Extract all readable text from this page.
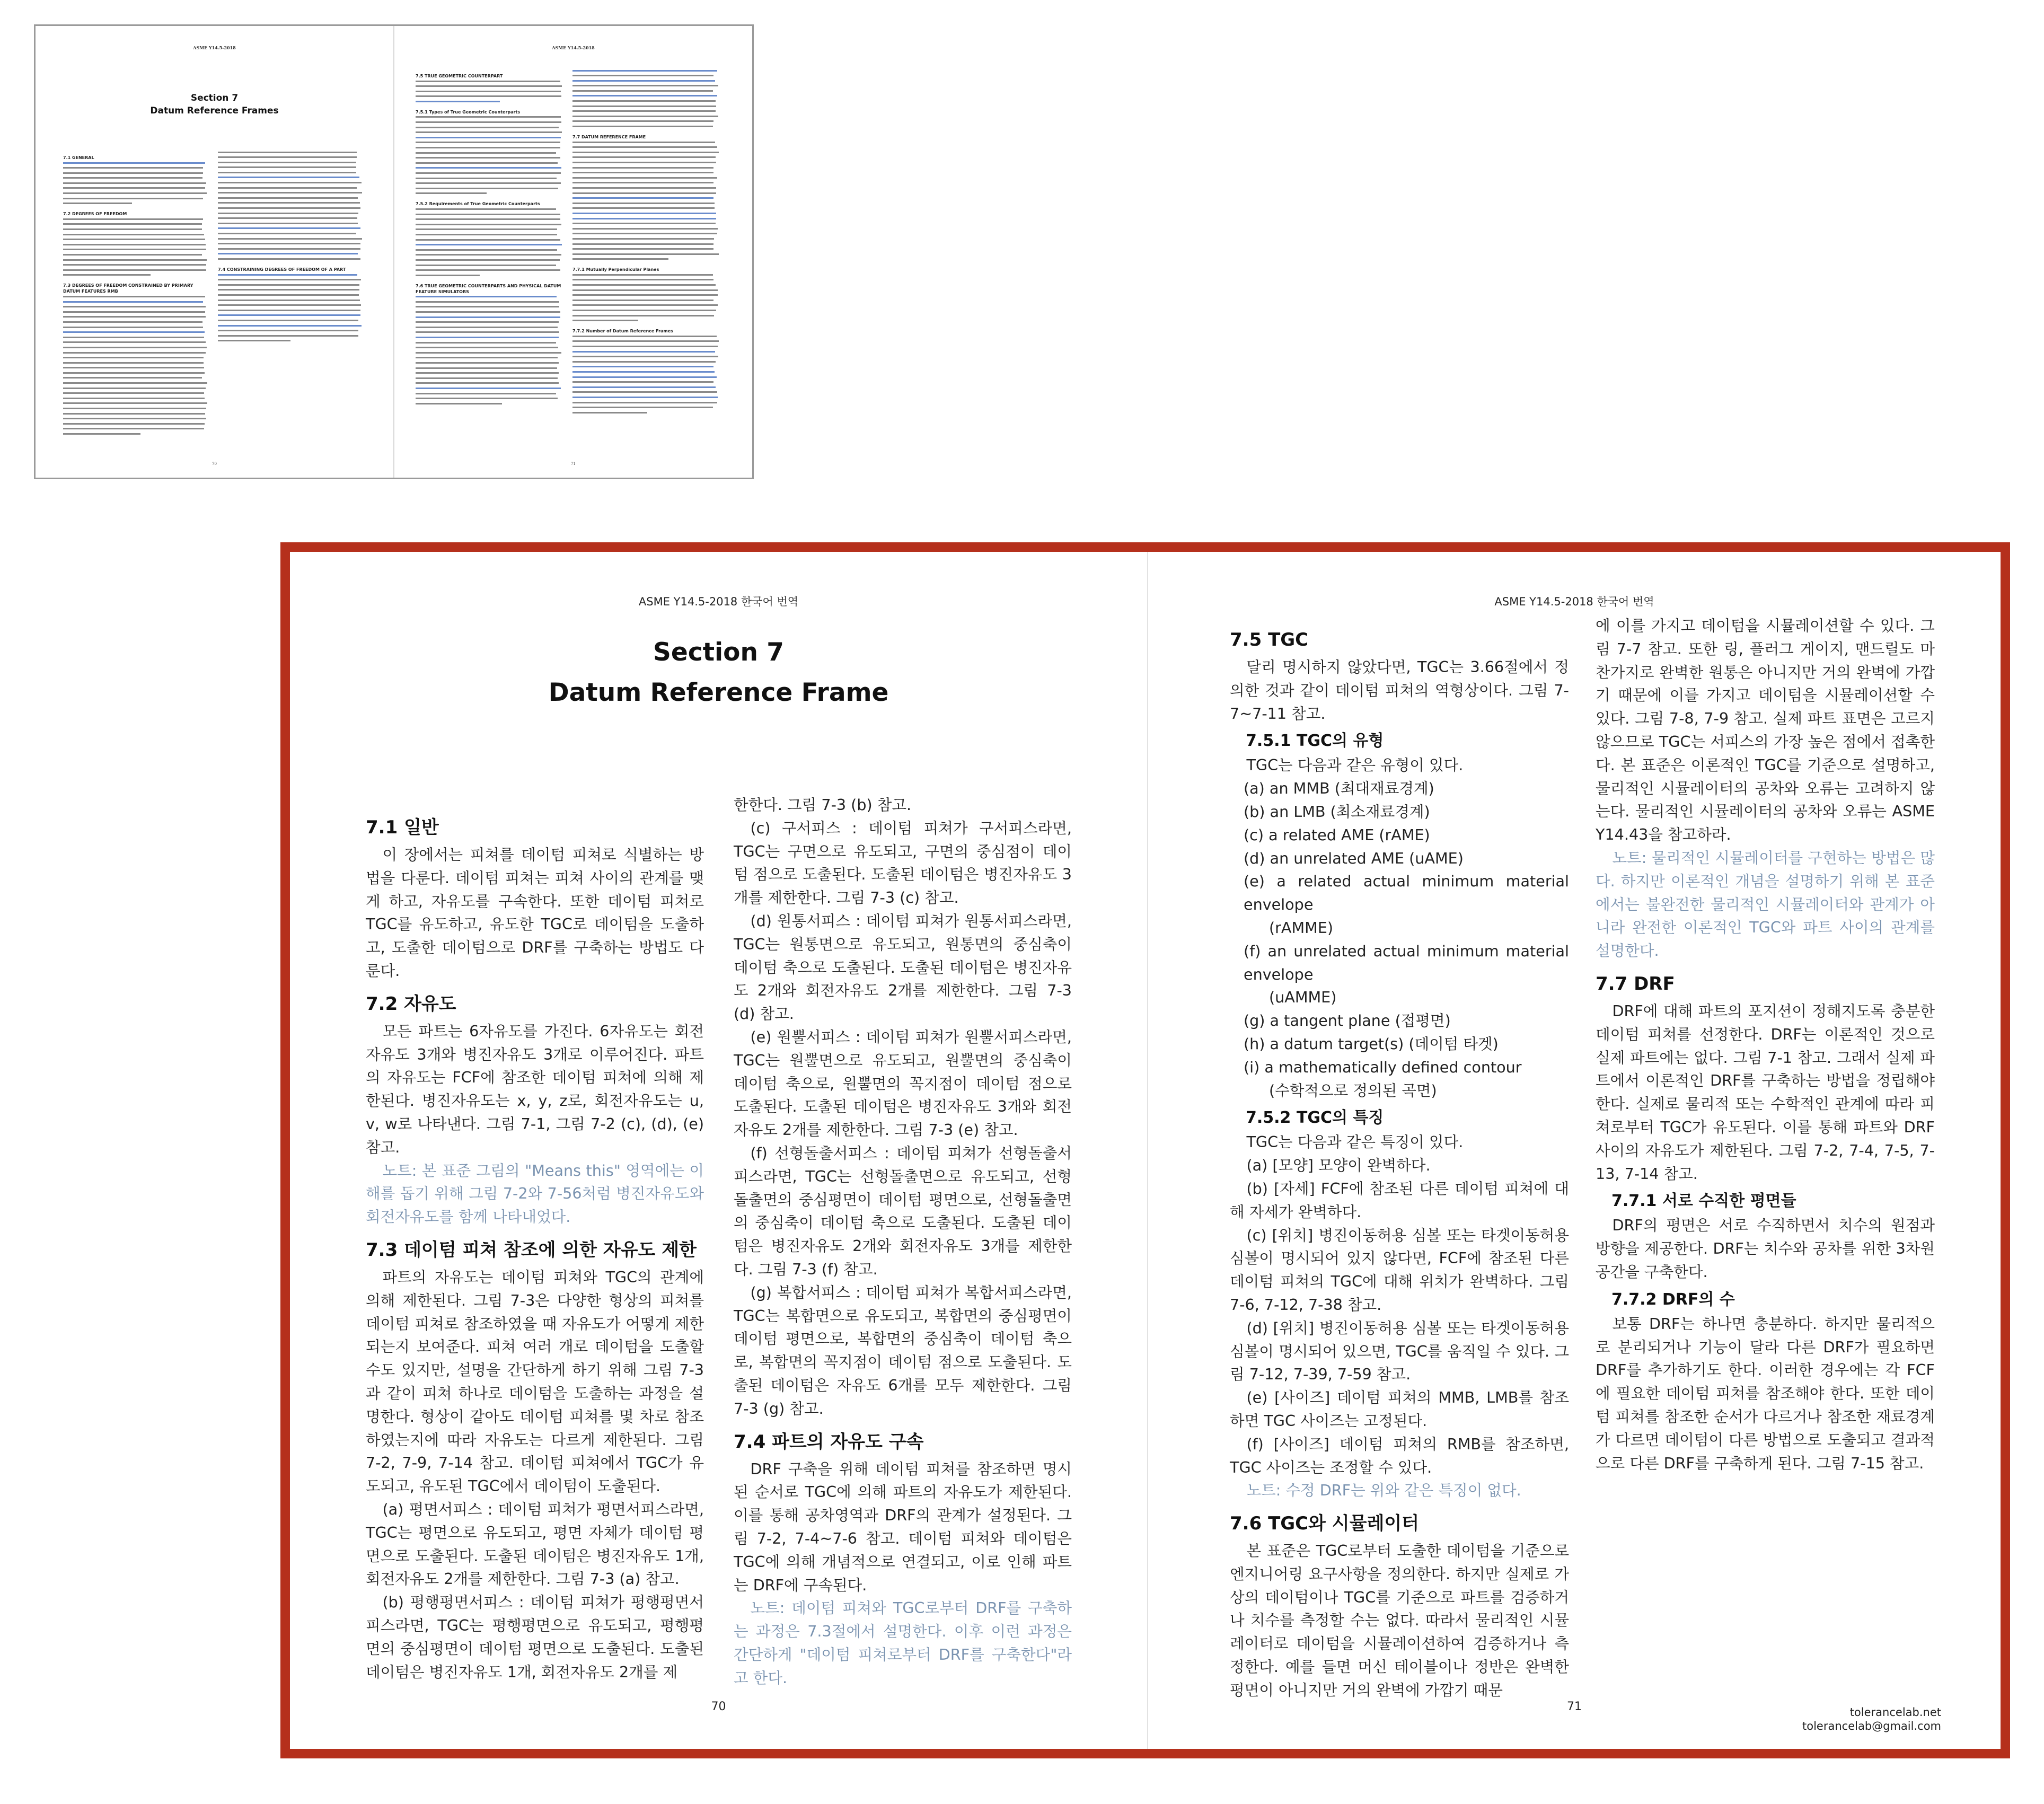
ASME Y14.5-2018
Section 7
Datum Reference Frames
7.1 GENERAL
7.2 DEGREES OF FREEDOM
7.3 DEGREES OF FREEDOM CONSTRAINED BY PRIMARY DATUM FEATURES RMB
7.4 CONSTRAINING DEGREES OF FREEDOM OF A PART
70
ASME Y14.5-2018
7.5 TRUE GEOMETRIC COUNTERPART
7.5.1 Types of True Geometric Counterparts
7.5.2 Requirements of True Geometric Counterparts
7.6 TRUE GEOMETRIC COUNTERPARTS AND PHYSICAL DATUM FEATURE SIMULATORS
7.7 DATUM REFERENCE FRAME
7.7.1 Mutually Perpendicular Planes
7.7.2 Number of Datum Reference Frames
71
ASME Y14.5-2018 한국어 번역
Section 7
Datum Reference Frame
7.1 일반

이 장에서는 피쳐를 데이텀 피쳐로 식별하는 방법을 다룬다. 데이텀 피쳐는 피쳐 사이의 관계를 맺게 하고, 자유도를 구속한다. 또한 데이텀 피쳐로 TGC를 유도하고, 유도한 TGC로 데이텀을 도출하고, 도출한 데이텀으로 DRF를 구축하는 방법도 다룬다.

7.2 자유도

모든 파트는 6자유도를 가진다. 6자유도는 회전자유도 3개와 병진자유도 3개로 이루어진다. 파트의 자유도는 FCF에 참조한 데이텀 피쳐에 의해 제한된다. 병진자유도는 x, y, z로, 회전자유도는 u, v, w로 나타낸다. 그림 7-1, 그림 7-2 (c), (d), (e) 참고.

노트: 본 표준 그림의 "Means this" 영역에는 이해를 돕기 위해 그림 7-2와 7-56처럼 병진자유도와 회전자유도를 함께 나타내었다.

7.3 데이텀 피쳐 참조에 의한 자유도 제한

파트의 자유도는 데이텀 피쳐와 TGC의 관계에 의해 제한된다. 그림 7-3은 다양한 형상의 피쳐를 데이텀 피쳐로 참조하였을 때 자유도가 어떻게 제한되는지 보여준다. 피쳐 여러 개로 데이텀을 도출할 수도 있지만, 설명을 간단하게 하기 위해 그림 7-3과 같이 피쳐 하나로 데이텀을 도출하는 과정을 설명한다. 형상이 같아도 데이텀 피쳐를 몇 차로 참조하였는지에 따라 자유도는 다르게 제한된다. 그림 7-2, 7-9, 7-14 참고. 데이텀 피쳐에서 TGC가 유도되고, 유도된 TGC에서 데이텀이 도출된다.

(a) 평면서피스 : 데이텀 피쳐가 평면서피스라면, TGC는 평면으로 유도되고, 평면 자체가 데이텀 평면으로 도출된다. 도출된 데이텀은 병진자유도 1개, 회전자유도 2개를 제한한다. 그림 7-3 (a) 참고.

(b) 평행평면서피스 : 데이텀 피쳐가 평행평면서피스라면, TGC는 평행평면으로 유도되고, 평행평면의 중심평면이 데이텀 평면으로 도출된다. 도출된 데이텀은 병진자유도 1개, 회전자유도 2개를 제

한한다. 그림 7-3 (b) 참고.

(c) 구서피스 : 데이텀 피쳐가 구서피스라면, TGC는 구면으로 유도되고, 구면의 중심점이 데이텀 점으로 도출된다. 도출된 데이텀은 병진자유도 3개를 제한한다. 그림 7-3 (c) 참고.

(d) 원통서피스 : 데이텀 피쳐가 원통서피스라면, TGC는 원통면으로 유도되고, 원통면의 중심축이 데이텀 축으로 도출된다. 도출된 데이텀은 병진자유도 2개와 회전자유도 2개를 제한한다. 그림 7-3 (d) 참고.

(e) 원뿔서피스 : 데이텀 피쳐가 원뿔서피스라면, TGC는 원뿔면으로 유도되고, 원뿔면의 중심축이 데이텀 축으로, 원뿔면의 꼭지점이 데이텀 점으로 도출된다. 도출된 데이텀은 병진자유도 3개와 회전자유도 2개를 제한한다. 그림 7-3 (e) 참고.

(f) 선형돌출서피스 : 데이텀 피쳐가 선형돌출서피스라면, TGC는 선형돌출면으로 유도되고, 선형돌출면의 중심평면이 데이텀 평면으로, 선형돌출면의 중심축이 데이텀 축으로 도출된다. 도출된 데이텀은 병진자유도 2개와 회전자유도 3개를 제한한다. 그림 7-3 (f) 참고.

(g) 복합서피스 : 데이텀 피쳐가 복합서피스라면, TGC는 복합면으로 유도되고, 복합면의 중심평면이 데이텀 평면으로, 복합면의 중심축이 데이텀 축으로, 복합면의 꼭지점이 데이텀 점으로 도출된다. 도출된 데이텀은 자유도 6개를 모두 제한한다. 그림 7-3 (g) 참고.

7.4 파트의 자유도 구속

DRF 구축을 위해 데이텀 피쳐를 참조하면 명시된 순서로 TGC에 의해 파트의 자유도가 제한된다. 이를 통해 공차영역과 DRF의 관계가 설정된다. 그림 7-2, 7-4~7-6 참고. 데이텀 피쳐와 데이텀은 TGC에 의해 개념적으로 연결되고, 이로 인해 파트는 DRF에 구속된다.

노트: 데이텀 피쳐와 TGC로부터 DRF를 구축하는 과정은 7.3절에서 설명한다. 이후 이런 과정은 간단하게 "데이텀 피쳐로부터 DRF를 구축한다"라고 한다.

70
ASME Y14.5-2018 한국어 번역
7.5 TGC

달리 명시하지 않았다면, TGC는 3.66절에서 정의한 것과 같이 데이텀 피쳐의 역형상이다. 그림 7-7~7-11 참고.

7.5.1 TGC의 유형

TGC는 다음과 같은 유형이 있다.

(a) an MMB (최대재료경계)

(b) an LMB (최소재료경계)

(c) a related AME (rAME)

(d) an unrelated AME (uAME)

(e) a related actual minimum material envelope

(rAMME)

(f) an unrelated actual minimum material envelope

(uAMME)

(g) a tangent plane (접평면)

(h) a datum target(s) (데이텀 타겟)

(i) a mathematically defined contour

(수학적으로 정의된 곡면)

7.5.2 TGC의 특징

TGC는 다음과 같은 특징이 있다.

(a) [모양] 모양이 완벽하다.

(b) [자세] FCF에 참조된 다른 데이텀 피쳐에 대해 자세가 완벽하다.

(c) [위치] 병진이동허용 심볼 또는 타겟이동허용 심볼이 명시되어 있지 않다면, FCF에 참조된 다른 데이텀 피쳐의 TGC에 대해 위치가 완벽하다. 그림 7-6, 7-12, 7-38 참고.

(d) [위치] 병진이동허용 심볼 또는 타겟이동허용 심볼이 명시되어 있으면, TGC를 움직일 수 있다. 그림 7-12, 7-39, 7-59 참고.

(e) [사이즈] 데이텀 피쳐의 MMB, LMB를 참조하면 TGC 사이즈는 고정된다.

(f) [사이즈] 데이텀 피쳐의 RMB를 참조하면, TGC 사이즈는 조정할 수 있다.

노트: 수정 DRF는 위와 같은 특징이 없다.

7.6 TGC와 시뮬레이터

본 표준은 TGC로부터 도출한 데이텀을 기준으로 엔지니어링 요구사항을 정의한다. 하지만 실제로 가상의 데이텀이나 TGC를 기준으로 파트를 검증하거나 치수를 측정할 수는 없다. 따라서 물리적인 시뮬레이터로 데이텀을 시뮬레이션하여 검증하거나 측정한다. 예를 들면 머신 테이블이나 정반은 완벽한 평면이 아니지만 거의 완벽에 가깝기 때문

에 이를 가지고 데이텀을 시뮬레이션할 수 있다. 그림 7-7 참고. 또한 링, 플러그 게이지, 맨드릴도 마찬가지로 완벽한 원통은 아니지만 거의 완벽에 가깝기 때문에 이를 가지고 데이텀을 시뮬레이션할 수 있다. 그림 7-8, 7-9 참고. 실제 파트 표면은 고르지 않으므로 TGC는 서피스의 가장 높은 점에서 접촉한다. 본 표준은 이론적인 TGC를 기준으로 설명하고, 물리적인 시뮬레이터의 공차와 오류는 고려하지 않는다. 물리적인 시뮬레이터의 공차와 오류는 ASME Y14.43을 참고하라.

노트: 물리적인 시뮬레이터를 구현하는 방법은 많다. 하지만 이론적인 개념을 설명하기 위해 본 표준에서는 불완전한 물리적인 시뮬레이터와 관계가 아니라 완전한 이론적인 TGC와 파트 사이의 관계를 설명한다.

7.7 DRF

DRF에 대해 파트의 포지션이 정해지도록 충분한 데이텀 피쳐를 선정한다. DRF는 이론적인 것으로 실제 파트에는 없다. 그림 7-1 참고. 그래서 실제 파트에서 이론적인 DRF를 구축하는 방법을 정립해야 한다. 실제로 물리적 또는 수학적인 관계에 따라 피쳐로부터 TGC가 유도된다. 이를 통해 파트와 DRF 사이의 자유도가 제한된다. 그림 7-2, 7-4, 7-5, 7-13, 7-14 참고.

7.7.1 서로 수직한 평면들

DRF의 평면은 서로 수직하면서 치수의 원점과 방향을 제공한다. DRF는 치수와 공차를 위한 3차원 공간을 구축한다.

7.7.2 DRF의 수

보통 DRF는 하나면 충분하다. 하지만 물리적으로 분리되거나 기능이 달라 다른 DRF가 필요하면 DRF를 추가하기도 한다. 이러한 경우에는 각 FCF에 필요한 데이텀 피쳐를 참조해야 한다. 또한 데이텀 피쳐를 참조한 순서가 다르거나 참조한 재료경계가 다르면 데이텀이 다른 방법으로 도출되고 결과적으로 다른 DRF를 구축하게 된다. 그림 7-15 참고.

71	tolerancelab.net
tolerancelab@gmail.com
